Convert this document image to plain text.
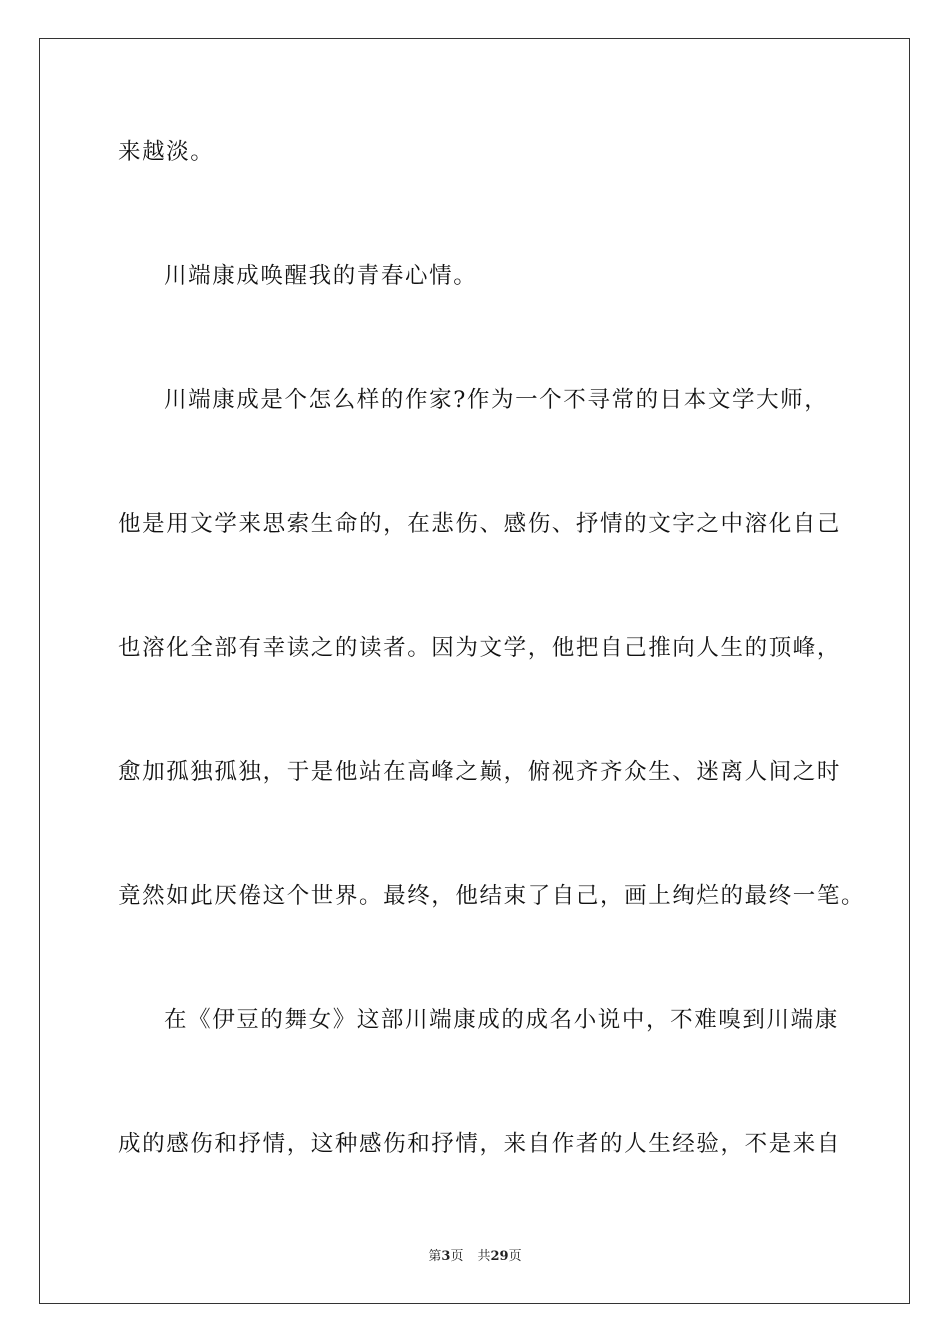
来越淡。
川端康成唤醒我的青春心情。
川端康成是个怎么样的作家?作为一个不寻常的日本文学大师，
他是用文学来思索生命的，在悲伤、感伤、抒情的文字之中溶化自己
也溶化全部有幸读之的读者。因为文学，他把自己推向人生的顶峰，
愈加孤独孤独，于是他站在高峰之巅，俯视齐齐众生、迷离人间之时
竟然如此厌倦这个世界。最终，他结束了自己，画上绚烂的最终一笔。
在《伊豆的舞女》这部川端康成的成名小说中，不难嗅到川端康
成的感伤和抒情，这种感伤和抒情，来自作者的人生经验，不是来自
第3页 共29页
